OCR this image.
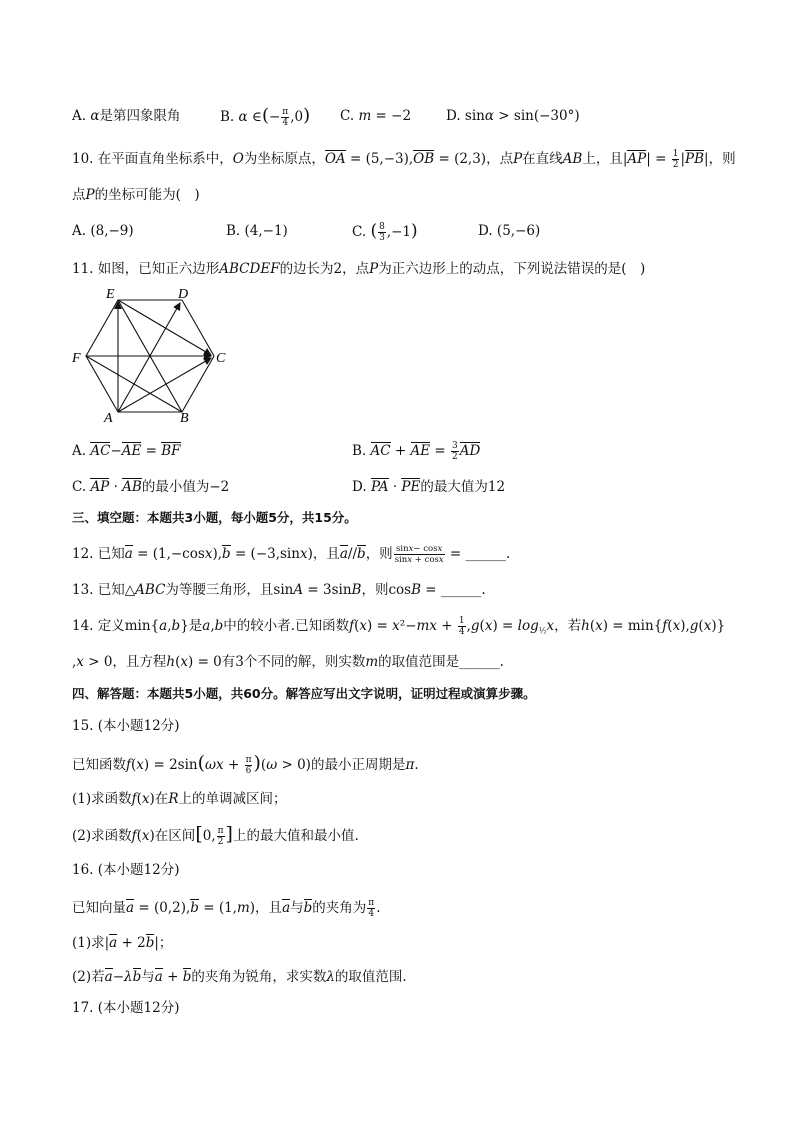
A. α是第四象限角	B. α ∈(− $\frac{\pi}{4} ,0$) C. m = −2	D. sinα > sin(−30°)
10. 在平面直角坐标系中，O为坐标原点，OA = (5,−3),OB = (2,3)，点P在直线AB上，且$|AP| = \frac{1}{2} |PB|$，则
点P的坐标可能为(　)
A. (8,−9)	B. (4,−1)	C. ( $\frac{8}{3} ,-1$)	D. (5,−6)
11. 如图，已知正六边形ABCDEF的边长为2，点P为正六边形上的动点，下列说法错误的是(　)
E	D
F	C
A	B
A. AC−AE = BF	B. AC + AE = $\frac{3}{2}$ AD
C. AP · AB的最小值为−2	D. PA · PE的最大值为12
三、填空题：本题共3小题，每小题5分，共15分。
12. 已知a = (1,−cosx),b = (−3,sinx)，且a//b，则 $\frac{\sin x- \cos x}{\sin x + \cos x}$ = ______.
13. 已知△ABC为等腰三角形，且sinA = 3sinB，则cosB = ______.
14. 定义min{a,b}是a,b中的较小者.已知函数$f(x) = x^2-mx + \frac{1}{4} ,g(x) = \log_{\frac{1}{2}}x$，若h(x) = min{f(x),g(x)}
,x > 0，且方程h(x) = 0有3个不同的解，则实数m的取值范围是______.
四、解答题：本题共5小题，共60分。解答应写出文字说明，证明过程或演算步骤。
15. (本小题12分)
已知函数$f(x) = 2\sin(\omega x + \frac{\pi}{6} )(\omega > 0)$的最小正周期是π.
(1)求函数f(x)在R上的单调减区间；
(2)求函数f(x)在区间[0, $\frac{\pi}{2}$ ]上的最大值和最小值.
16. (本小题12分)
已知向量a = (0,2),b = (1,m)，且a与b的夹角为 $\frac{\pi}{4}$ .
(1)求|a + 2b|；
(2)若a−λb与a + b的夹角为锐角，求实数λ的取值范围.
17. (本小题12分)
